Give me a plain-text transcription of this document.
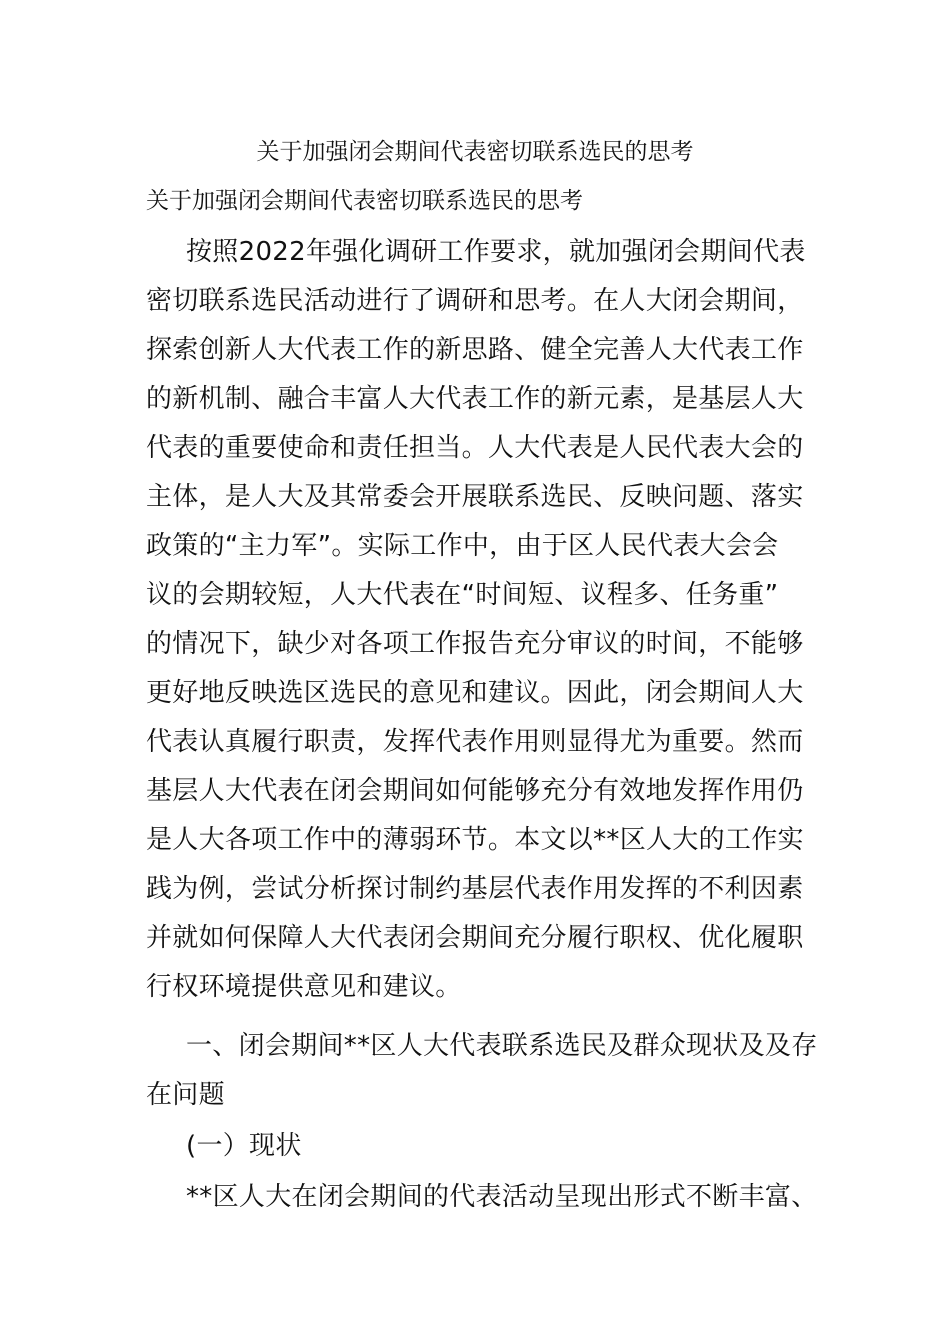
关于加强闭会期间代表密切联系选民的思考
关于加强闭会期间代表密切联系选民的思考
按照2022年强化调研工作要求，就加强闭会期间代表
密切联系选民活动进行了调研和思考。在人大闭会期间，
探索创新人大代表工作的新思路、健全完善人大代表工作
的新机制、融合丰富人大代表工作的新元素，是基层人大
代表的重要使命和责任担当。人大代表是人民代表大会的
主体，是人大及其常委会开展联系选民、反映问题、落实
政策的“主力军”。实际工作中，由于区人民代表大会会
议的会期较短，人大代表在“时间短、议程多、任务重”
的情况下，缺少对各项工作报告充分审议的时间，不能够
更好地反映选区选民的意见和建议。因此，闭会期间人大
代表认真履行职责，发挥代表作用则显得尤为重要。然而
基层人大代表在闭会期间如何能够充分有效地发挥作用仍
是人大各项工作中的薄弱环节。本文以**区人大的工作实
践为例，尝试分析探讨制约基层代表作用发挥的不利因素
并就如何保障人大代表闭会期间充分履行职权、优化履职
行权环境提供意见和建议。
一、闭会期间**区人大代表联系选民及群众现状及及存
在问题
(一）现状
**区人大在闭会期间的代表活动呈现出形式不断丰富、
